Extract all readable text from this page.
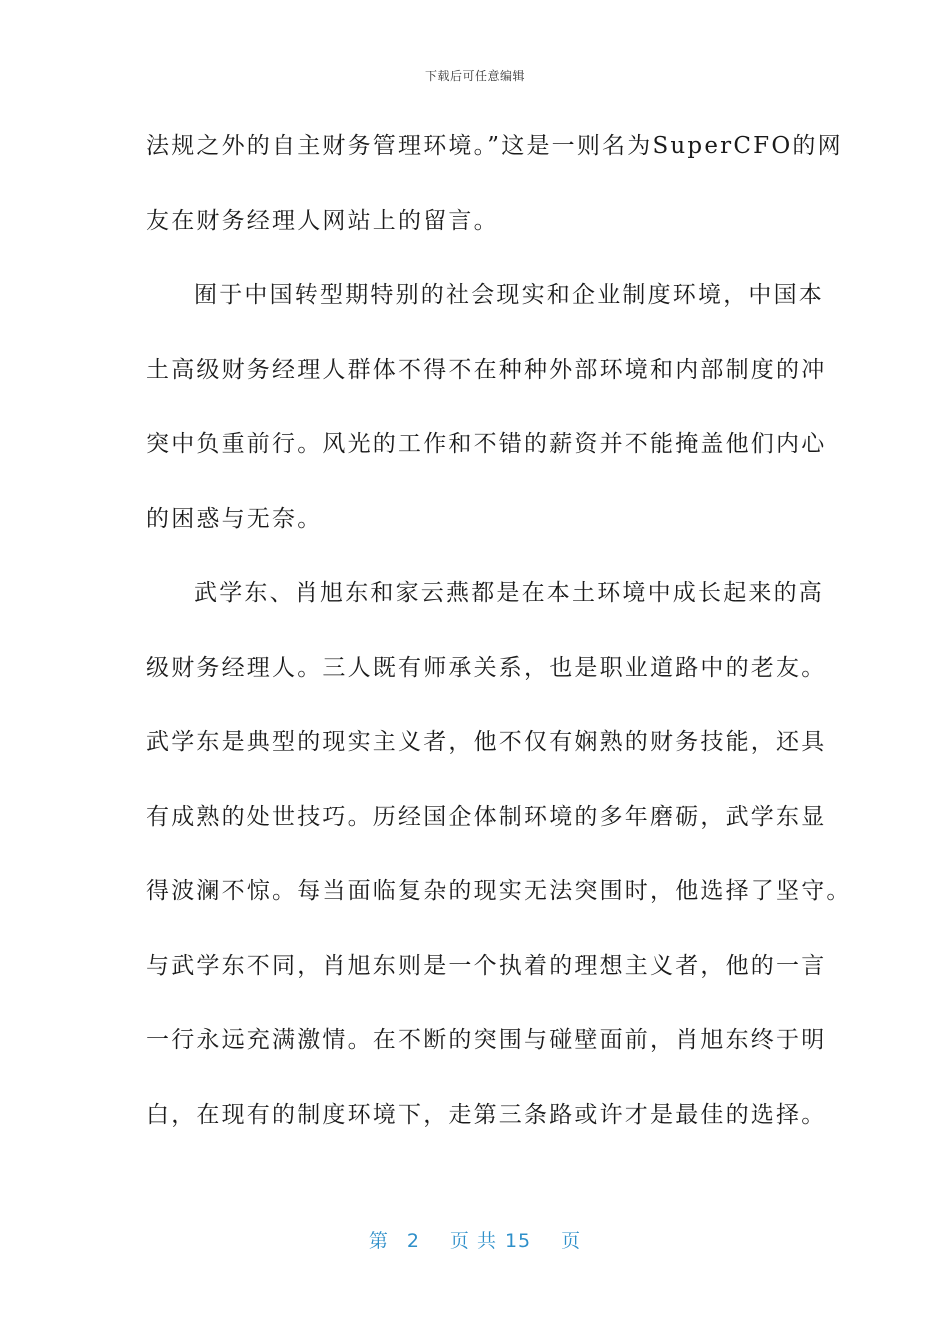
下载后可任意编辑
法规之外的自主财务管理环境。”这是一则名为SuperCFO的网
友在财务经理人网站上的留言。
囿于中国转型期特别的社会现实和企业制度环境，中国本
土高级财务经理人群体不得不在种种外部环境和内部制度的冲
突中负重前行。风光的工作和不错的薪资并不能掩盖他们内心
的困惑与无奈。
武学东、肖旭东和家云燕都是在本土环境中成长起来的高
级财务经理人。三人既有师承关系，也是职业道路中的老友。
武学东是典型的现实主义者，他不仅有娴熟的财务技能，还具
有成熟的处世技巧。历经国企体制环境的多年磨砺，武学东显
得波澜不惊。每当面临复杂的现实无法突围时，他选择了坚守。
与武学东不同，肖旭东则是一个执着的理想主义者，他的一言
一行永远充满激情。在不断的突围与碰壁面前，肖旭东终于明
白，在现有的制度环境下，走第三条路或许才是最佳的选择。
第 2 页 共 15 页
